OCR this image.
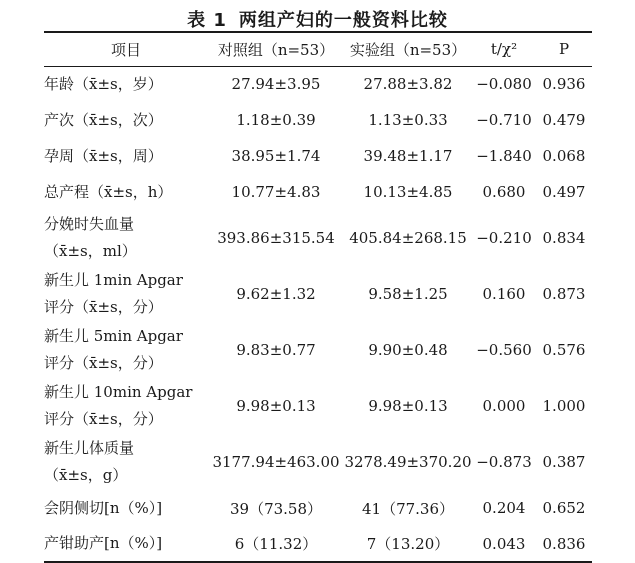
表 1 两组产妇的一般资料比较
项目	对照组（n=53）	实验组（n=53）	t/χ²	P

年龄（x̄±s，岁）	27.94±3.95	27.88±3.82	−0.080	0.936

产次（x̄±s，次）	1.18±0.39	1.13±0.33	−0.710	0.479

孕周（x̄±s，周）	38.95±1.74	39.48±1.17	−1.840	0.068

总产程（x̄±s，h）	10.77±4.83	10.13±4.85	0.680	0.497

分娩时失血量
（x̄±s，ml）	393.86±315.54	405.84±268.15	−0.210	0.834

新生儿 1min Apgar
评分（x̄±s，分）	9.62±1.32	9.58±1.25	0.160	0.873

新生儿 5min Apgar
评分（x̄±s，分）	9.83±0.77	9.90±0.48	−0.560	0.576

新生儿 10min Apgar
评分（x̄±s，分）	9.98±0.13	9.98±0.13	0.000	1.000

新生儿体质量
（x̄±s，g）	3177.94±463.00	3278.49±370.20	−0.873	0.387

会阴侧切[n（%）]	39（73.58）	41（77.36）	0.204	0.652

产钳助产[n（%）]	6（11.32）	7（13.20）	0.043	0.836
